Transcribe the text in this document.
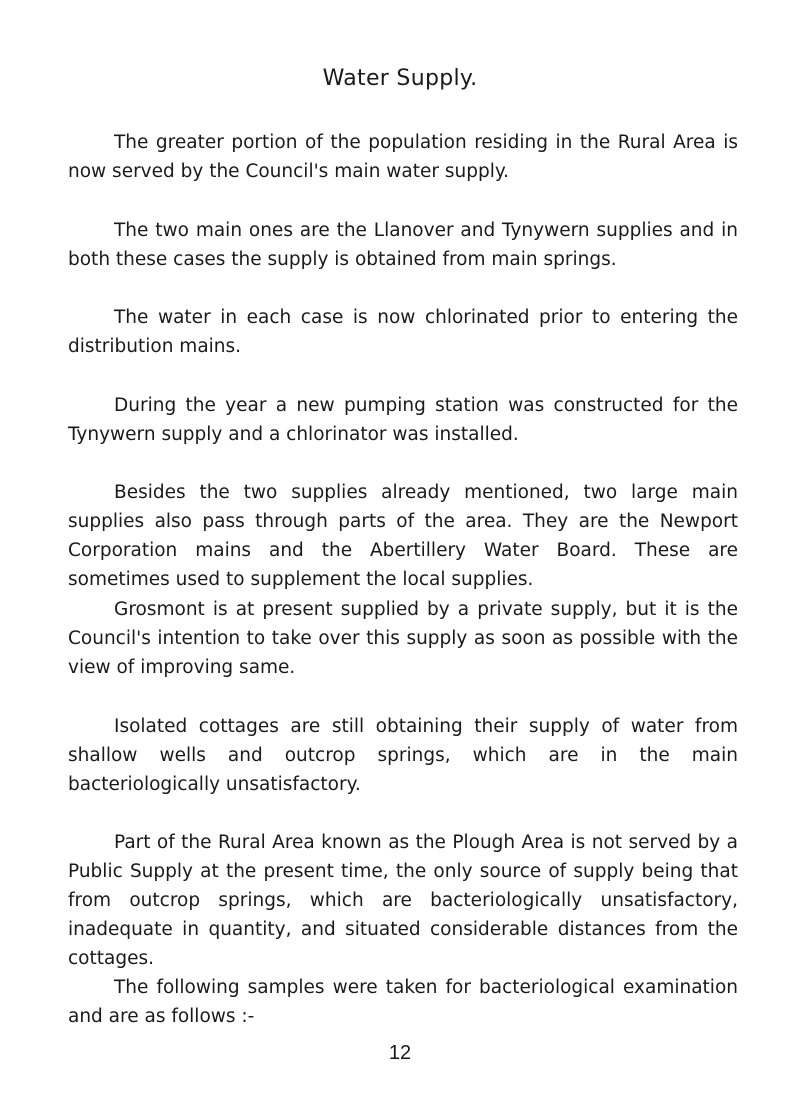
Water Supply.

The greater portion of the population residing in the Rural Area is now served by the Council's main water supply.

The two main ones are the Llanover and Tynywern supplies and in both these cases the supply is obtained from main springs.

The water in each case is now chlorinated prior to entering the distribution mains.

During the year a new pumping station was constructed for the Tynywern supply and a chlorinator was installed.

Besides the two supplies already mentioned, two large main supplies also pass through parts of the area. They are the Newport Corporation mains and the Abertillery Water Board. These are sometimes used to supplement the local supplies.

Grosmont is at present supplied by a private supply, but it is the Council's intention to take over this supply as soon as possible with the view of improving same.

Isolated cottages are still obtaining their supply of water from shallow wells and outcrop springs, which are in the main bacteriologically unsatisfactory.

Part of the Rural Area known as the Plough Area is not served by a Public Supply at the present time, the only source of supply being that from outcrop springs, which are bacteriologically unsatisfactory, inadequate in quantity, and situated considerable distances from the cottages.

The following samples were taken for bacteriological examination and are as follows :-

12
